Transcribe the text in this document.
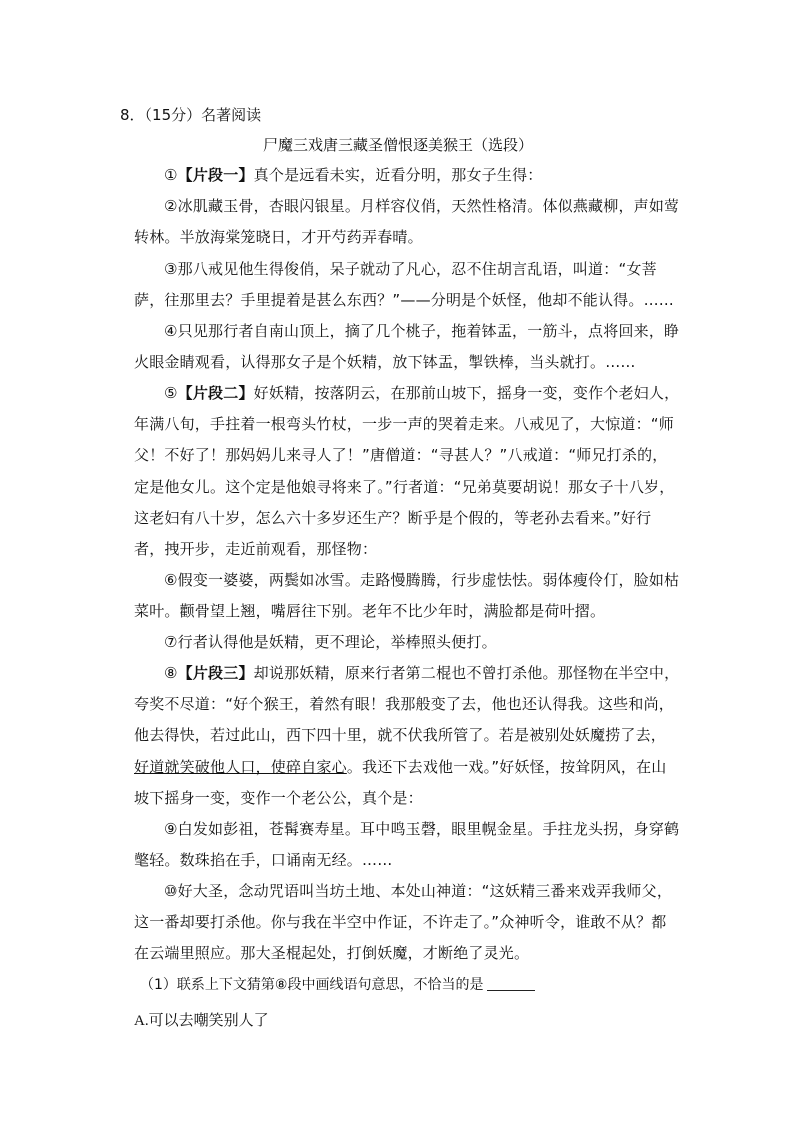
8．（15分）名著阅读
尸魔三戏唐三藏圣僧恨逐美猴王（选段）
①【片段一】真个是远看未实，近看分明，那女子生得：
②冰肌藏玉骨，杏眼闪银星。月样容仪俏，天然性格清。体似燕藏柳，声如莺转林。半放海棠笼晓日，才开芍药弄春晴。
③那八戒见他生得俊俏，呆子就动了凡心，忍不住胡言乱语，叫道：“女菩萨，往那里去？手里提着是甚么东西？”——分明是个妖怪，他却不能认得。……
④只见那行者自南山顶上，摘了几个桃子，拖着钵盂，一筋斗，点将回来，睁火眼金睛观看，认得那女子是个妖精，放下钵盂，掣铁棒，当头就打。……
⑤【片段二】好妖精，按落阴云，在那前山坡下，摇身一变，变作个老妇人，年满八旬，手拄着一根弯头竹杖，一步一声的哭着走来。八戒见了，大惊道：“师父！不好了！那妈妈儿来寻人了！”唐僧道：“寻甚人？”八戒道：“师兄打杀的，定是他女儿。这个定是他娘寻将来了。”行者道：“兄弟莫要胡说！那女子十八岁，这老妇有八十岁，怎么六十多岁还生产？断乎是个假的，等老孙去看来。”好行者，拽开步，走近前观看，那怪物：
⑥假变一婆婆，两鬓如冰雪。走路慢腾腾，行步虚怯怯。弱体瘦伶仃，脸如枯菜叶。颧骨望上翘，嘴唇往下别。老年不比少年时，满脸都是荷叶摺。
⑦行者认得他是妖精，更不理论，举棒照头便打。
⑧【片段三】却说那妖精，原来行者第二棍也不曾打杀他。那怪物在半空中，夸奖不尽道：“好个猴王，着然有眼！我那般变了去，他也还认得我。这些和尚，他去得快，若过此山，西下四十里，就不伏我所管了。若是被别处妖魔捞了去，好道就笑破他人口，使碎自家心。我还下去戏他一戏。”好妖怪，按耸阴风，在山坡下摇身一变，变作一个老公公，真个是：
⑨白发如彭祖，苍髯赛寿星。耳中鸣玉磬，眼里幌金星。手拄龙头拐，身穿鹤氅轻。数珠掐在手，口诵南无经。……
⑩好大圣，念动咒语叫当坊土地、本处山神道：“这妖精三番来戏弄我师父，这一番却要打杀他。你与我在半空中作证，不许走了。”众神听令，谁敢不从？都在云端里照应。那大圣棍起处，打倒妖魔，才断绝了灵光。
（1）联系上下文猜第⑧段中画线语句意思，不恰当的是
A.可以去嘲笑别人了
